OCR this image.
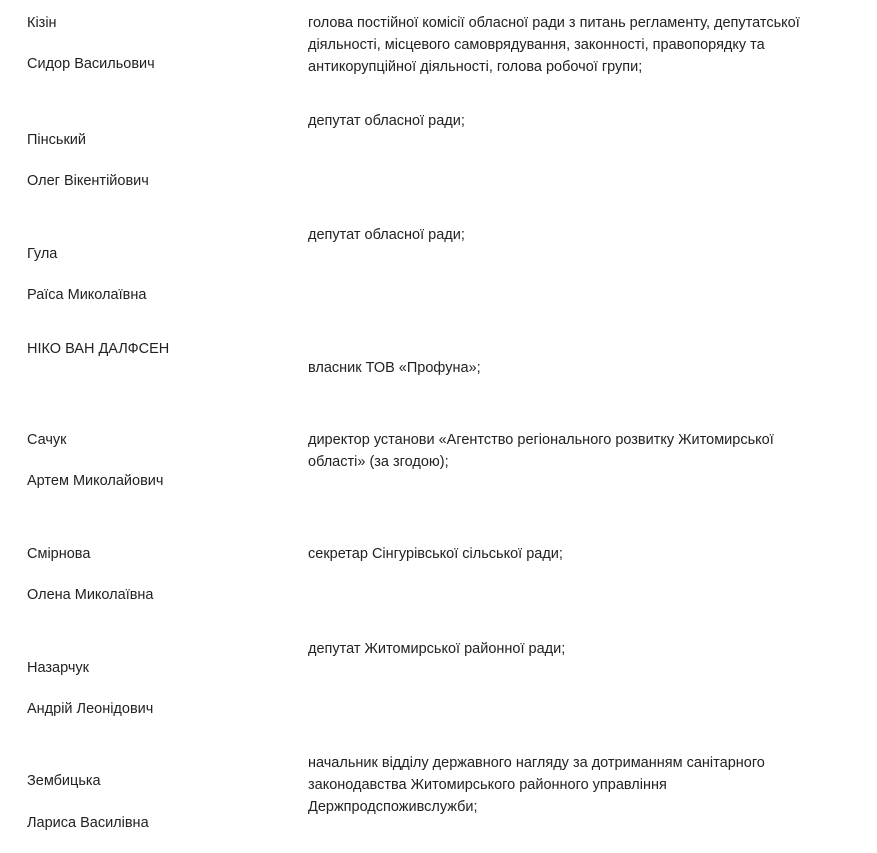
Кізін
Сидор Васильович
голова постійної комісії обласної ради з питань регламенту, депутатської діяльності, місцевого самоврядування, законності, правопорядку та антикорупційної діяльності, голова робочої групи;
депутат обласної ради;
Пінський
Олег Вікентійович
депутат обласної ради;
Гула
Раїса Миколаївна
НІКО ВАН ДАЛФСЕН
власник ТОВ «Профуна»;
Сачук	директор установи «Агентство регіонального розвитку Житомирської області» (за згодою);
Артем Миколайович
Смірнова	секретар Сінгурівської сільської ради;
Олена Миколаївна
депутат Житомирської районної ради;
Назарчук
Андрій Леонідович
начальник відділу державного нагляду за дотриманням санітарного законодавства Житомирського районного управління Держпродспоживслужби;
Зембицька
Лариса Василівна
